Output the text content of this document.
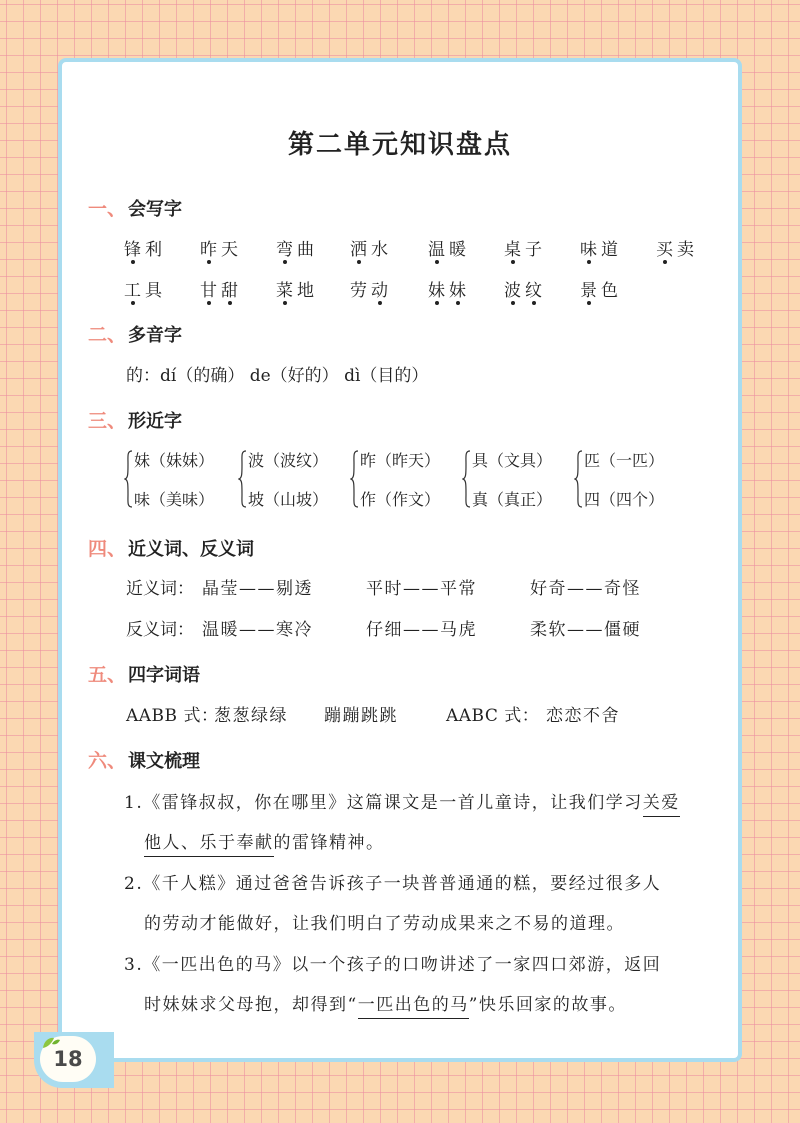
18
第二单元知识盘点
一 、 会写字
二 、 多音字
的：dí（的确） de（好的） dì（目的）
三 、 形近字
四 、 近义词、反义词
近义词： 晶莹——剔透	平时——平常	好奇——奇怪
反义词： 温暖——寒冷	仔细——马虎	柔软——僵硬
五 、 四字词语
AABB 式：
葱葱绿绿 蹦蹦跳跳	AABC 式： 恋恋不舍
六 、 课文梳理
1.《雷锋叔叔，你在哪里》这篇课文是一首儿童诗，让我们学习关爱
他人、乐于奉献的雷锋精神。
2.《千人糕》通过爸爸告诉孩子一块普普通通的糕，要经过很多人
的劳动才能做好，让我们明白了劳动成果来之不易的道理。
3.《一匹出色的马》以一个孩子的口吻讲述了一家四口郊游，返回
时妹妹求父母抱，却得到“一匹出色的马”快乐回家的故事。
锋利 昨天 弯曲 洒水 温暖 桌子 味道 买卖
工具 甘甜 菜地 劳动 妹妹 波纹 景色
妹（妹妹）
味（美味）
波（波纹）
坡（山坡）
昨（昨天）
作（作文）
具（文具）
真（真正）
匹（一匹）
四（四个）
